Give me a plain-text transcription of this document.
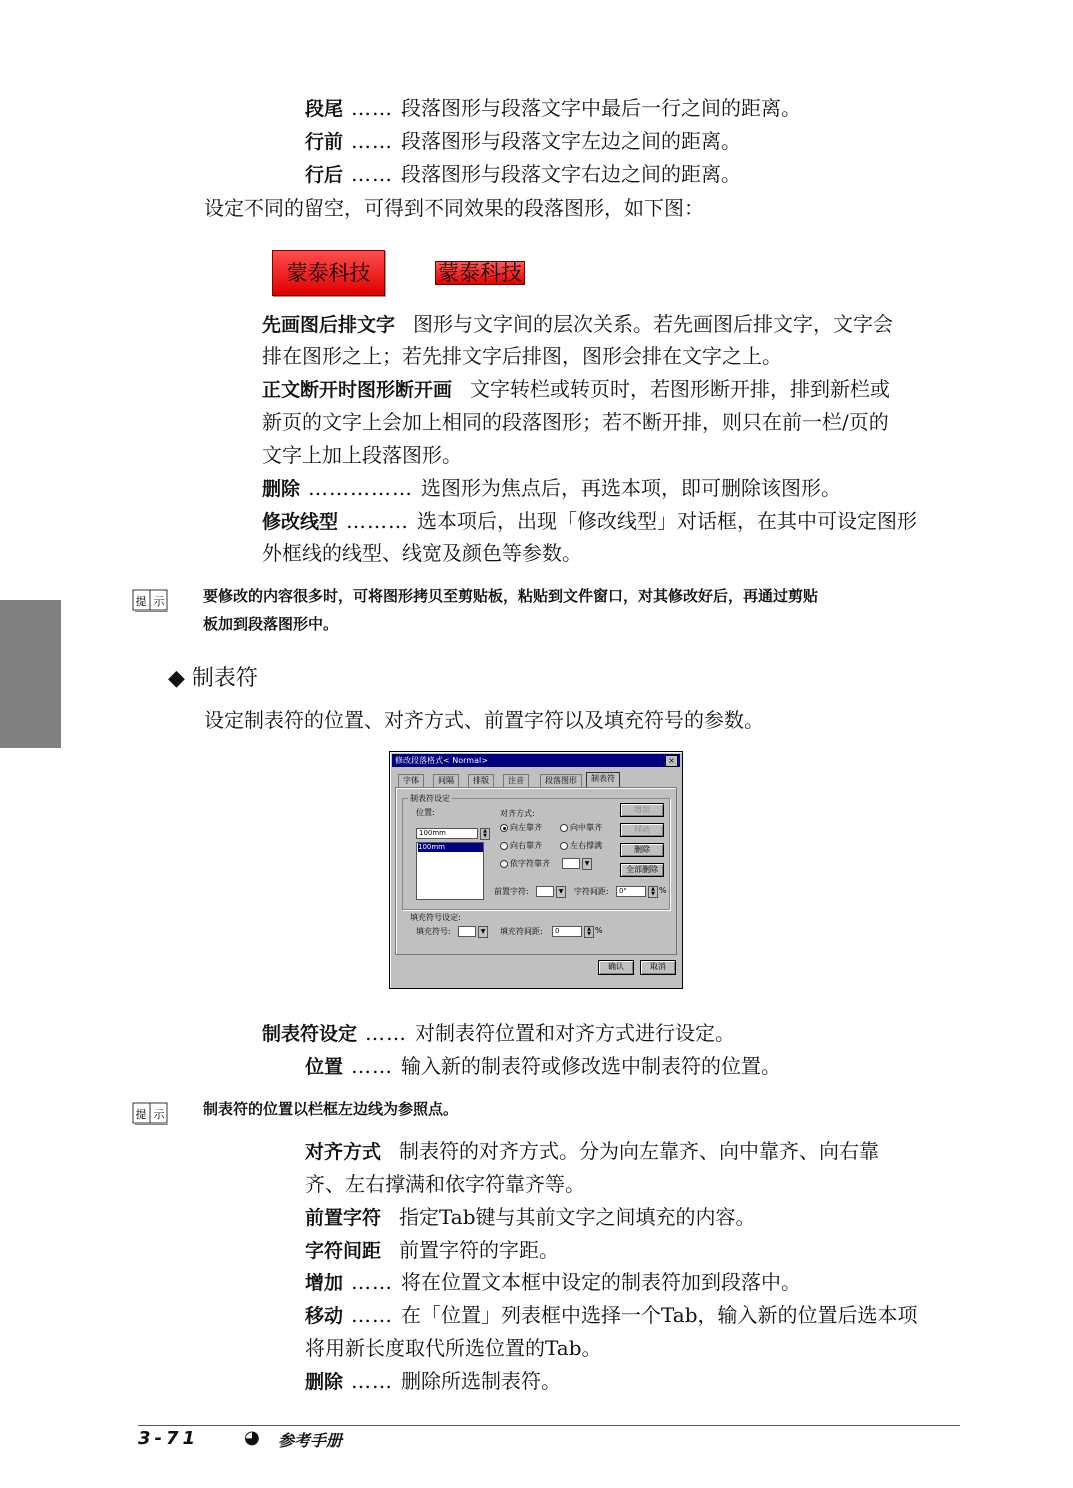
段尾 …… 段落图形与段落文字中最后一行之间的距离。
行前 …… 段落图形与段落文字左边之间的距离。
行后 …… 段落图形与段落文字右边之间的距离。
设定不同的留空，可得到不同效果的段落图形，如下图：
蒙泰科技	蒙泰科技
先画图后排文字 图形与文字间的层次关系。若先画图后排文字，文字会
排在图形之上；若先排文字后排图，图形会排在文字之上。
正文断开时图形断开画 文字转栏或转页时，若图形断开排，排到新栏或
新页的文字上会加上相同的段落图形；若不断开排，则只在前一栏/页的
文字上加上段落图形。
删除 …………… 选图形为焦点后，再选本项，即可删除该图形。
修改线型 ……… 选本项后，出现「修改线型」对话框，在其中可设定图形
外框线的线型、线宽及颜色等参数。
提 示	要修改的内容很多时，可将图形拷贝至剪贴板，粘贴到文件窗口，对其修改好后，再通过剪贴
板加到段落图形中。
◆ 制表符
设定制表符的位置、对齐方式、前置字符以及填充符号的参数。
修改段落格式< Normal>	×
字体	间隔	排版	注音	段落图形	制表符
制表符设定
位置:
100mm	▲
▼
100mm
对齐方式:
向左靠齐	向中靠齐
向右靠齐	左右撑满
依字符靠齐	▼
增加
移动
删除
全部删除
前置字符:	▼	字符间距:	0"	▲
▼ %
填充符号设定:
填充符号:	▼	填充符间距:	0	▲
▼ %
确认	取消
制表符设定 …… 对制表符位置和对齐方式进行设定。
位置 …… 输入新的制表符或修改选中制表符的位置。
提 示	制表符的位置以栏框左边线为参照点。
对齐方式 制表符的对齐方式。分为向左靠齐、向中靠齐、向右靠
齐、左右撑满和依字符靠齐等。
前置字符 指定Tab键与其前文字之间填充的内容。
字符间距 前置字符的字距。
增加 …… 将在位置文本框中设定的制表符加到段落中。
移动 …… 在「位置」列表框中选择一个Tab，输入新的位置后选本项
将用新长度取代所选位置的Tab。
删除 …… 删除所选制表符。
3-71 ◕ 参考手册
